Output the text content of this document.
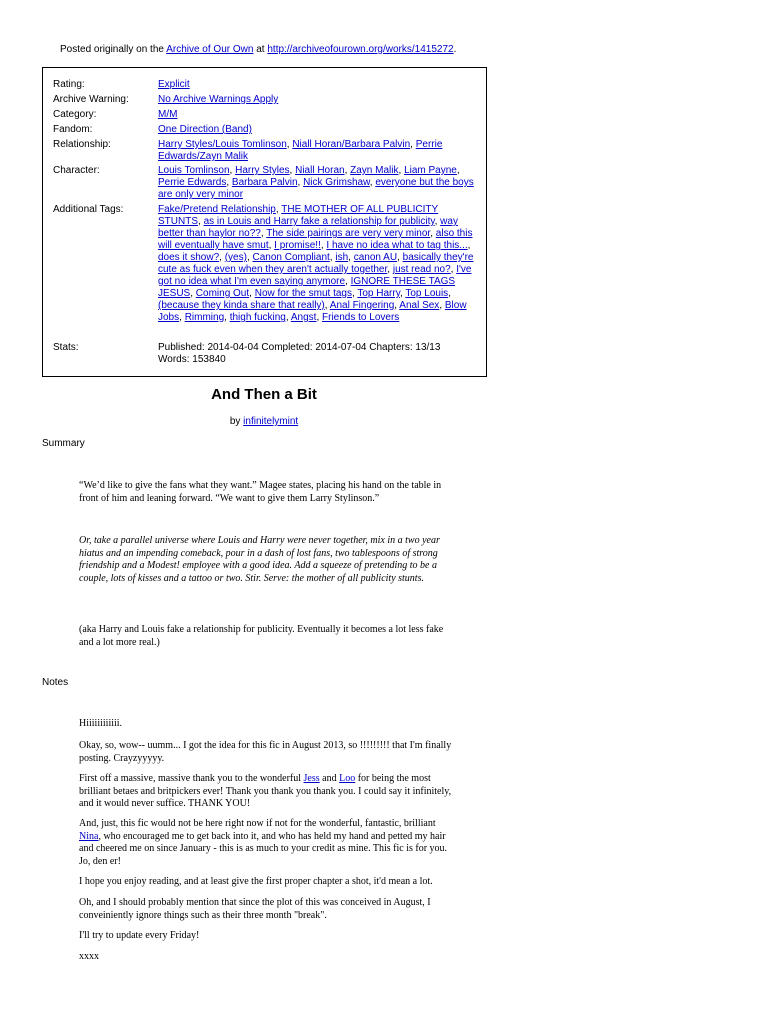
Posted originally on the Archive of Our Own at http://archiveofourown.org/works/1415272.
Rating:	Explicit
Archive Warning:	No Archive Warnings Apply
Category:	M/M
Fandom:	One Direction (Band)
Relationship:	Harry Styles/Louis Tomlinson, Niall Horan/Barbara Palvin, Perrie Edwards/Zayn Malik
Character:	Louis Tomlinson, Harry Styles, Niall Horan, Zayn Malik, Liam Payne, Perrie Edwards, Barbara Palvin, Nick Grimshaw, everyone but the boys are only very minor
Additional Tags:	Fake/Pretend Relationship, THE MOTHER OF ALL PUBLICITY STUNTS, as in Louis and Harry fake a relationship for publicity, way better than haylor no??, The side pairings are very very minor, also this will eventually have smut, I promise!!, I have no idea what to tag this..., does it show?, (yes), Canon Compliant, ish, canon AU, basically they're cute as fuck even when they aren't actually together, just read no?, I've got no idea what I'm even saying anymore, IGNORE THESE TAGS JESUS, Coming Out, Now for the smut tags, Top Harry, Top Louis, (because they kinda share that really), Anal Fingering, Anal Sex, Blow Jobs, Rimming, thigh fucking, Angst, Friends to Lovers
Stats:	Published: 2014-04-04 Completed: 2014-07-04 Chapters: 13/13
Words: 153840
And Then a Bit
by infinitelymint
Summary
“We’d like to give the fans what they want.” Magee states, placing his hand on the table in front of him and leaning forward. “We want to give them Larry Stylinson.”
Or, take a parallel universe where Louis and Harry were never together, mix in a two year hiatus and an impending comeback, pour in a dash of lost fans, two tablespoons of strong friendship and a Modest! employee with a good idea. Add a squeeze of pretending to be a couple, lots of kisses and a tattoo or two. Stir. Serve: the mother of all publicity stunts.
(aka Harry and Louis fake a relationship for publicity. Eventually it becomes a lot less fake and a lot more real.)
Notes
Hiiiiiiiiiiii.
Okay, so, wow-- uumm... I got the idea for this fic in August 2013, so !!!!!!!!! that I'm finally posting. Crayzyyyyy.
First off a massive, massive thank you to the wonderful Jess and Loo for being the most brilliant betaes and britpickers ever! Thank you thank you thank you. I could say it infinitely, and it would never suffice. THANK YOU!
And, just, this fic would not be here right now if not for the wonderful, fantastic, brilliant Nina, who encouraged me to get back into it, and who has held my hand and petted my hair and cheered me on since January - this is as much to your credit as mine. This fic is for you. Jo, den er!
I hope you enjoy reading, and at least give the first proper chapter a shot, it'd mean a lot.
Oh, and I should probably mention that since the plot of this was conceived in August, I conveiniently ignore things such as their three month "break".
I'll try to update every Friday!
xxxx
